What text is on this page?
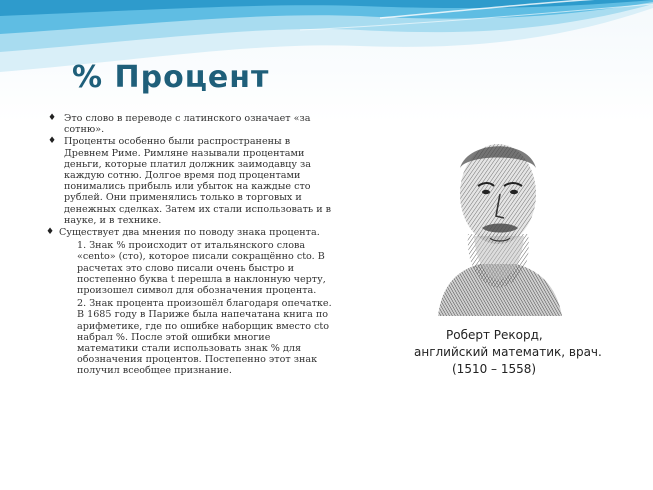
% Процент
♦ Это слово в переводе с латинского означает «за сотню».
♦ Проценты особенно были распространены в Древнем Риме. Римляне называли процентами деньги, которые платил должник заимодавцу за каждую сотню. Долгое время под процентами понимались прибыль или убыток на каждые сто рублей. Они применялись только в торговых и денежных сделках. Затем их стали использовать и в науке, и в технике.
♦ Существует два мнения по поводу знака процента.
1. Знак % происходит от итальянского слова «cento» (сто), которое писали сокращённо cto. В расчетах это слово писали очень быстро и постепенно буква t перешла в наклонную черту, произошел символ для обозначения процента.
2. Знак процента произошёл благодаря опечатке. В 1685 году в Париже была напечатана книга по арифметике, где по ошибке наборщик вместо cto набрал %. После этой ошибки многие математики стали использовать знак % для обозначения процентов. Постепенно этот знак получил всеобщее признание.
Роберт Рекорд,
английский математик, врач.
(1510 – 1558)
